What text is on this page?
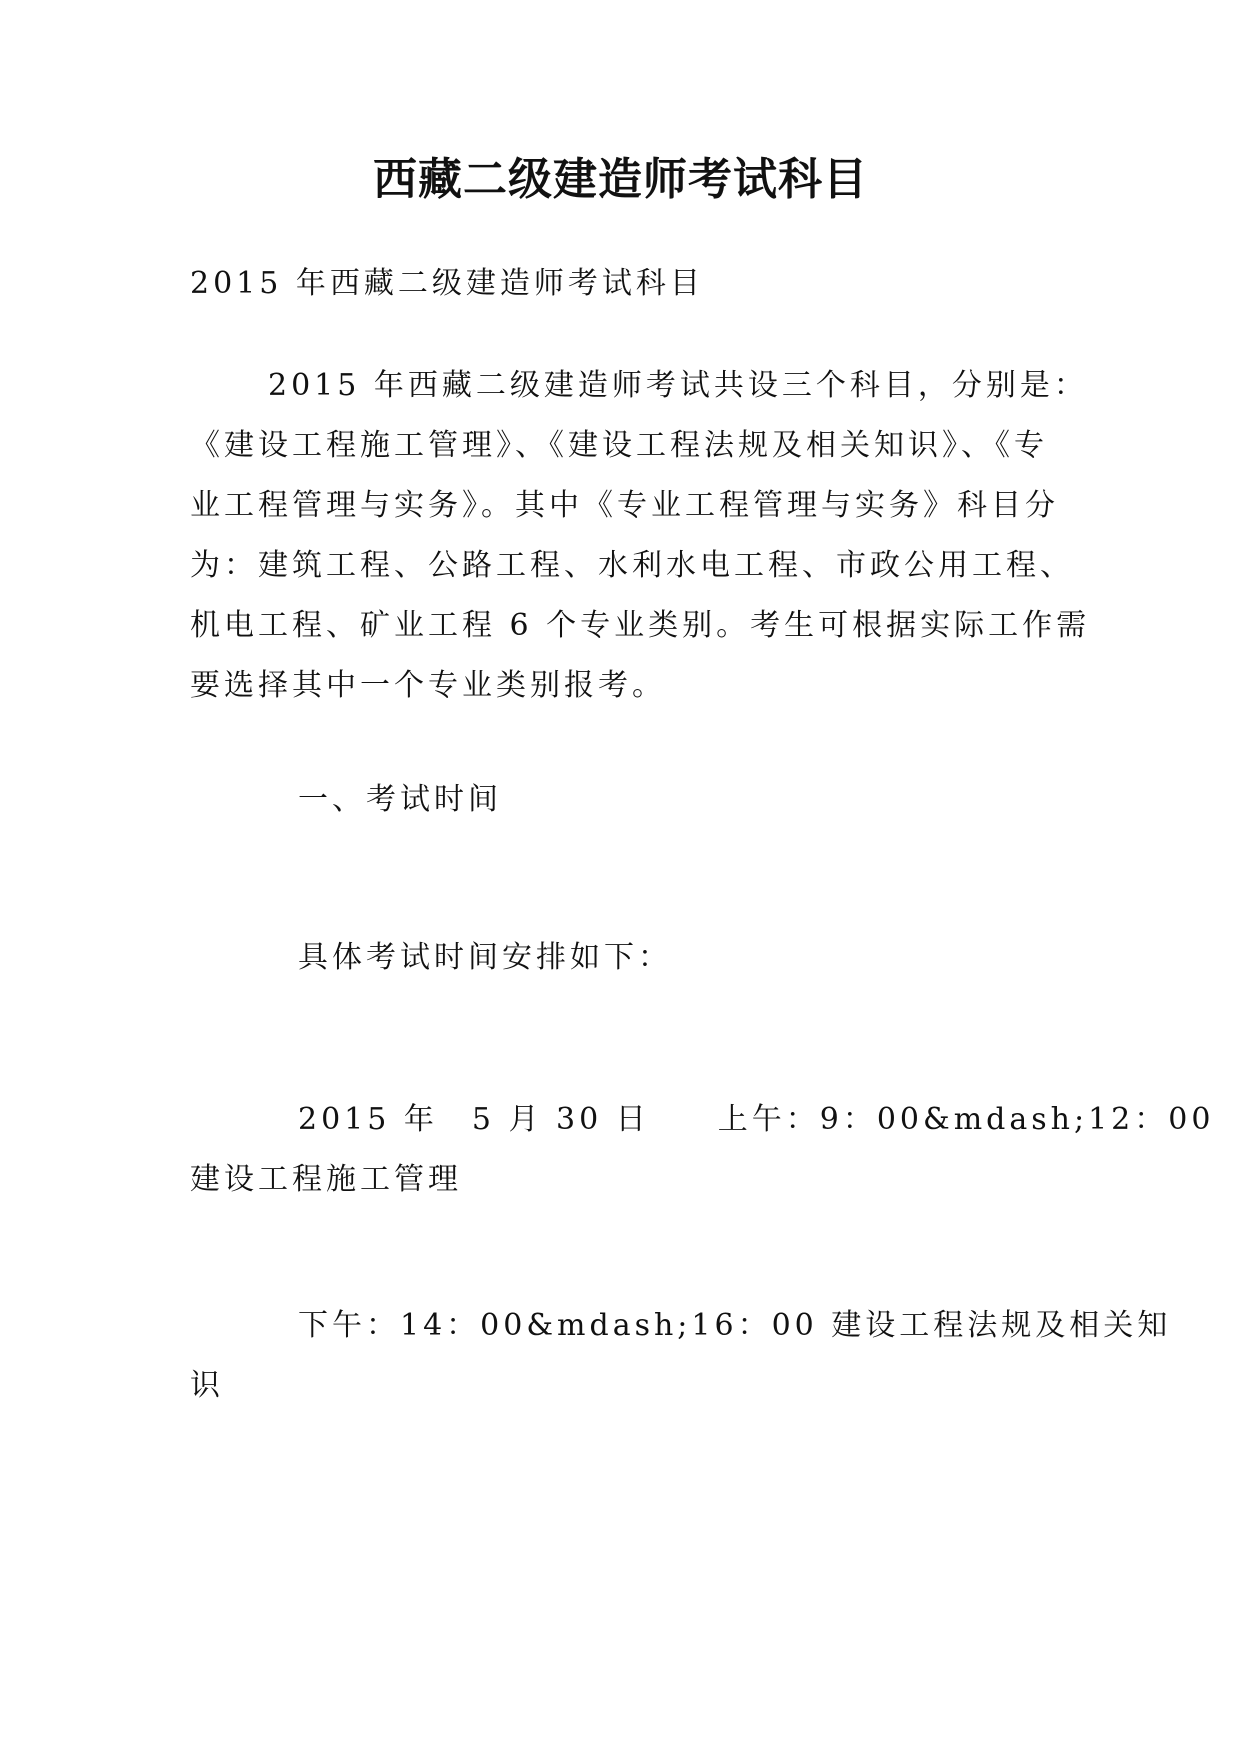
西藏二级建造师考试科目
2015 年西藏二级建造师考试科目
2015 年西藏二级建造师考试共设三个科目，分别是：
《建设工程施工管理》、《建设工程法规及相关知识》、《专
业工程管理与实务》。其中《专业工程管理与实务》科目分
为：建筑工程、公路工程、水利水电工程、市政公用工程、
机电工程、矿业工程 6 个专业类别。考生可根据实际工作需
要选择其中一个专业类别报考。
一、考试时间
具体考试时间安排如下：
2015 年　5 月 30 日　　上午：9：00&mdash;12：00
建设工程施工管理
下午：14：00&mdash;16：00 建设工程法规及相关知
识
